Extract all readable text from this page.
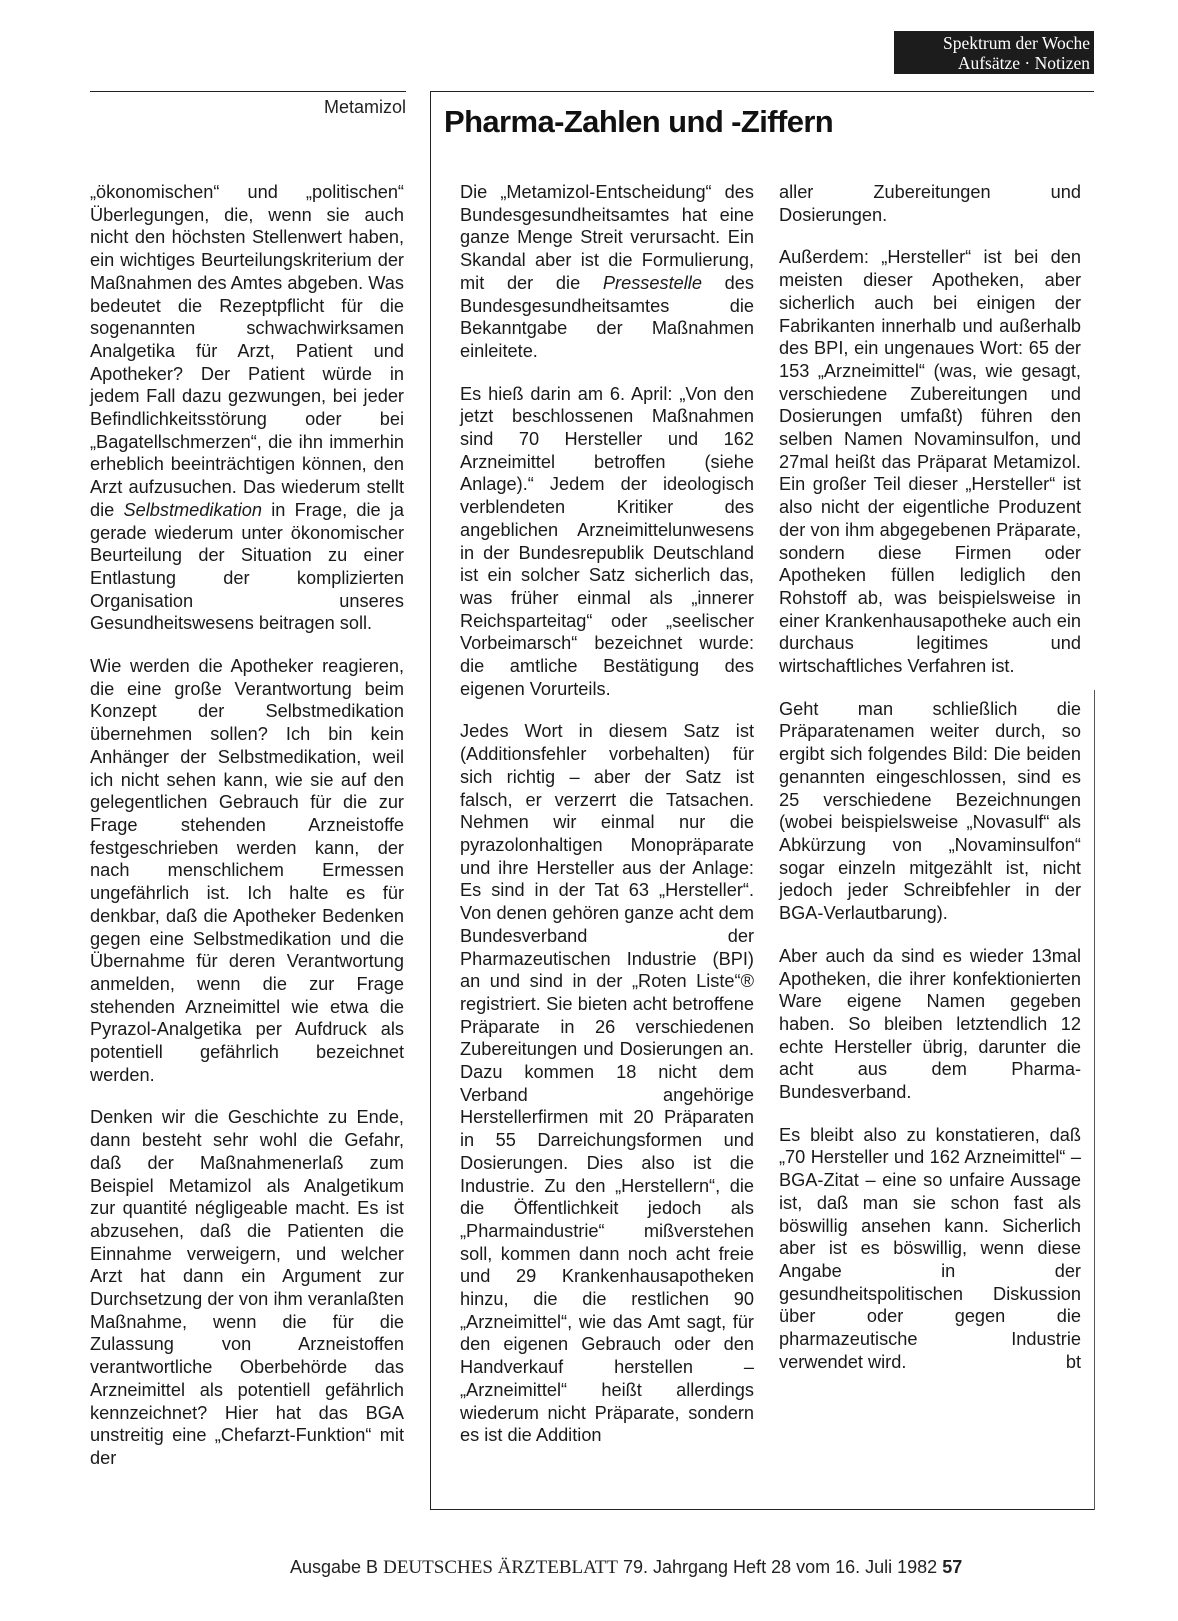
Spektrum der Woche
Aufsätze · Notizen
Metamizol Pharma-Zahlen und -Ziffern

„ökonomischen“ und „politischen“ Überlegungen, die, wenn sie auch nicht den höchsten Stellenwert haben, ein wichtiges Beurteilungskriterium der Maßnahmen des Amtes abgeben. Was bedeutet die Rezeptpflicht für die sogenannten schwachwirksamen Analgetika für Arzt, Patient und Apotheker? Der Patient würde in jedem Fall dazu gezwungen, bei jeder Befindlichkeitsstörung oder bei „Bagatellschmerzen“, die ihn immerhin erheblich beeinträchtigen können, den Arzt aufzusuchen. Das wiederum stellt die Selbstmedikation in Frage, die ja gerade wiederum unter ökonomischer Beurteilung der Situation zu einer Entlastung der komplizierten Organisation unseres Gesundheitswesens beitragen soll.

Wie werden die Apotheker reagieren, die eine große Verantwortung beim Konzept der Selbstmedikation übernehmen sollen? Ich bin kein Anhänger der Selbstmedikation, weil ich nicht sehen kann, wie sie auf den gelegentlichen Gebrauch für die zur Frage stehenden Arzneistoffe festgeschrieben werden kann, der nach menschlichem Ermessen ungefährlich ist. Ich halte es für denkbar, daß die Apotheker Bedenken gegen eine Selbstmedikation und die Übernahme für deren Verantwortung anmelden, wenn die zur Frage stehenden Arzneimittel wie etwa die Pyrazol-Analgetika per Aufdruck als potentiell gefährlich bezeichnet werden.

Denken wir die Geschichte zu Ende, dann besteht sehr wohl die Gefahr, daß der Maßnahmenerlaß zum Beispiel Metamizol als Analgetikum zur quantité négligeable macht. Es ist abzusehen, daß die Patienten die Einnahme verweigern, und welcher Arzt hat dann ein Argument zur Durchsetzung der von ihm veranlaßten Maßnahme, wenn die für die Zulassung von Arzneistoffen verantwortliche Oberbehörde das Arzneimittel als potentiell gefährlich kennzeichnet? Hier hat das BGA unstreitig eine „Chefarzt-Funktion“ mit der

Die „Metamizol-Entscheidung“ des Bundesgesundheitsamtes hat eine ganze Menge Streit verursacht. Ein Skandal aber ist die Formulierung, mit der die Pressestelle des Bundesgesundheitsamtes die Bekanntgabe der Maßnahmen einleitete.

Es hieß darin am 6. April: „Von den jetzt beschlossenen Maßnahmen sind 70 Hersteller und 162 Arzneimittel betroffen (siehe Anlage).“ Jedem der ideologisch verblendeten Kritiker des angeblichen Arzneimittelunwesens in der Bundesrepublik Deutschland ist ein solcher Satz sicherlich das, was früher einmal als „innerer Reichsparteitag“ oder „seelischer Vorbeimarsch“ bezeichnet wurde: die amtliche Bestätigung des eigenen Vorurteils.

Jedes Wort in diesem Satz ist (Additionsfehler vorbehalten) für sich richtig – aber der Satz ist falsch, er verzerrt die Tatsachen. Nehmen wir einmal nur die pyrazolonhaltigen Monopräparate und ihre Hersteller aus der Anlage: Es sind in der Tat 63 „Hersteller“. Von denen gehören ganze acht dem Bundesverband der Pharmazeutischen Industrie (BPI) an und sind in der „Roten Liste“® registriert. Sie bieten acht betroffene Präparate in 26 verschiedenen Zubereitungen und Dosierungen an. Dazu kommen 18 nicht dem Verband angehörige Herstellerfirmen mit 20 Präparaten in 55 Darreichungsformen und Dosierungen. Dies also ist die Industrie. Zu den „Herstellern“, die die Öffentlichkeit jedoch als „Pharmaindustrie“ mißverstehen soll, kommen dann noch acht freie und 29 Krankenhausapotheken hinzu, die die restlichen 90 „Arzneimittel“, wie das Amt sagt, für den eigenen Gebrauch oder den Handverkauf herstellen – „Arzneimittel“ heißt allerdings wiederum nicht Präparate, sondern es ist die Addition

aller Zubereitungen und Dosierungen.

Außerdem: „Hersteller“ ist bei den meisten dieser Apotheken, aber sicherlich auch bei einigen der Fabrikanten innerhalb und außerhalb des BPI, ein ungenaues Wort: 65 der 153 „Arzneimittel“ (was, wie gesagt, verschiedene Zubereitungen und Dosierungen umfaßt) führen den selben Namen Novaminsulfon, und 27mal heißt das Präparat Metamizol. Ein großer Teil dieser „Hersteller“ ist also nicht der eigentliche Produzent der von ihm abgegebenen Präparate, sondern diese Firmen oder Apotheken füllen lediglich den Rohstoff ab, was beispielsweise in einer Krankenhausapotheke auch ein durchaus legitimes und wirtschaftliches Verfahren ist.

Geht man schließlich die Präparatenamen weiter durch, so ergibt sich folgendes Bild: Die beiden genannten eingeschlossen, sind es 25 verschiedene Bezeichnungen (wobei beispielsweise „Novasulf“ als Abkürzung von „Novaminsulfon“ sogar einzeln mitgezählt ist, nicht jedoch jeder Schreibfehler in der BGA-Verlautbarung).

Aber auch da sind es wieder 13mal Apotheken, die ihrer konfektionierten Ware eigene Namen gegeben haben. So bleiben letztendlich 12 echte Hersteller übrig, darunter die acht aus dem Pharma-Bundesverband.

Es bleibt also zu konstatieren, daß „70 Hersteller und 162 Arzneimittel“ – BGA-Zitat – eine so unfaire Aussage ist, daß man sie schon fast als böswillig ansehen kann. Sicherlich aber ist es böswillig, wenn diese Angabe in der gesundheitspolitischen Diskussion über oder gegen die pharmazeutische Industrie verwendet wird.	bt

Ausgabe B DEUTSCHES ÄRZTEBLATT 79. Jahrgang Heft 28 vom 16. Juli 1982 57
